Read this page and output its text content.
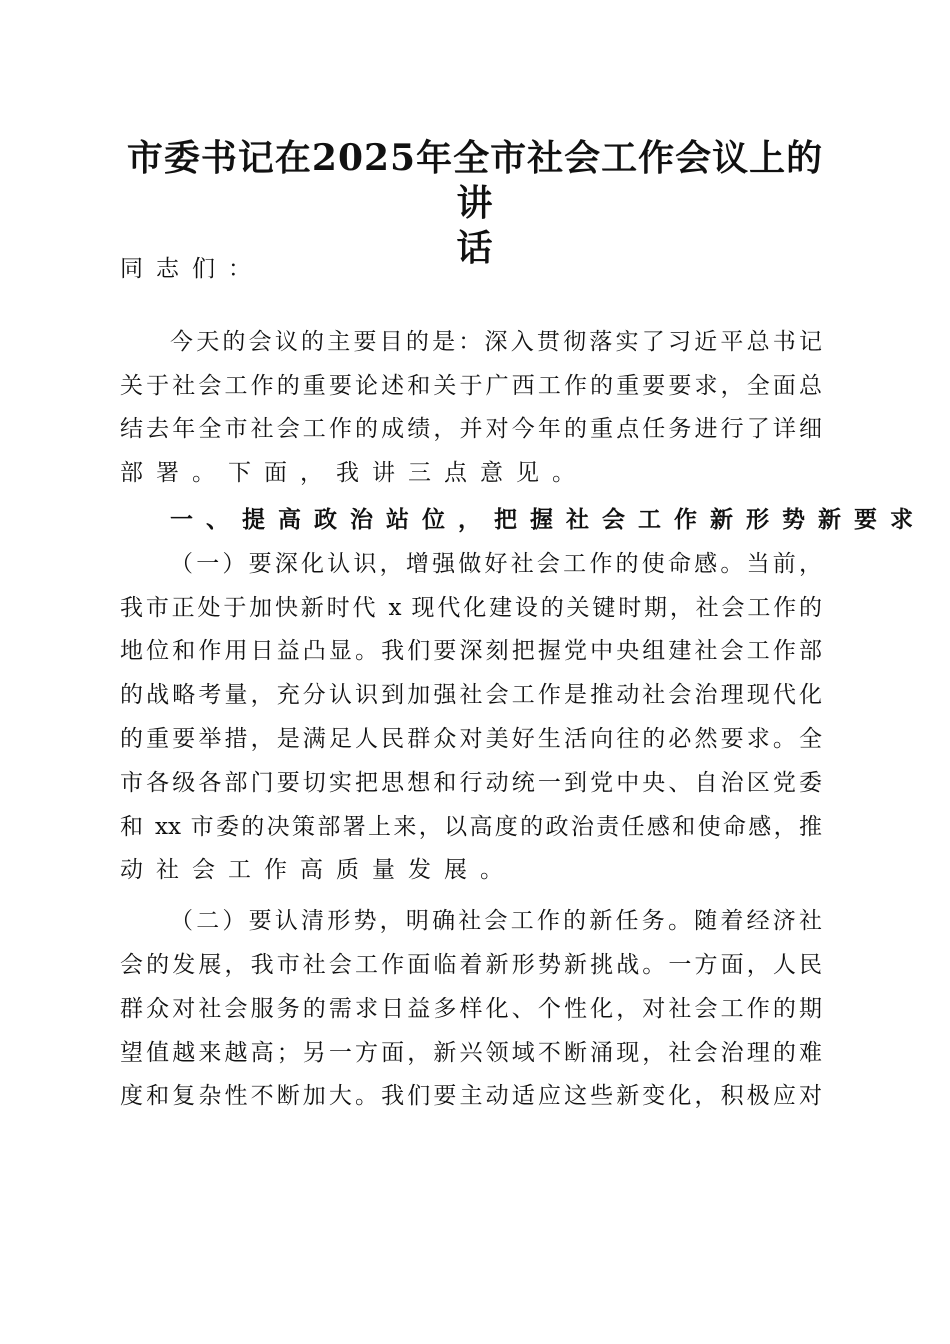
市委书记在2025年全市社会工作会议上的讲
话
同志们：
今天的会议的主要目的是：深入贯彻落实了习近平总书记
关于社会工作的重要论述和关于广西工作的重要要求，全面总
结去年全市社会工作的成绩，并对今年的重点任务进行了详细
部署。下面，我讲三点意见。
一、提高政治站位，把握社会工作新形势新要求
（一）要深化认识，增强做好社会工作的使命感。当前，
我市正处于加快新时代 x 现代化建设的关键时期，社会工作的
地位和作用日益凸显。我们要深刻把握党中央组建社会工作部
的战略考量，充分认识到加强社会工作是推动社会治理现代化
的重要举措，是满足人民群众对美好生活向往的必然要求。全
市各级各部门要切实把思想和行动统一到党中央、自治区党委
和 xx 市委的决策部署上来，以高度的政治责任感和使命感，推
动社会工作高质量发展。
（二）要认清形势，明确社会工作的新任务。随着经济社
会的发展，我市社会工作面临着新形势新挑战。一方面，人民
群众对社会服务的需求日益多样化、个性化，对社会工作的期
望值越来越高；另一方面，新兴领域不断涌现，社会治理的难
度和复杂性不断加大。我们要主动适应这些新变化，积极应对
